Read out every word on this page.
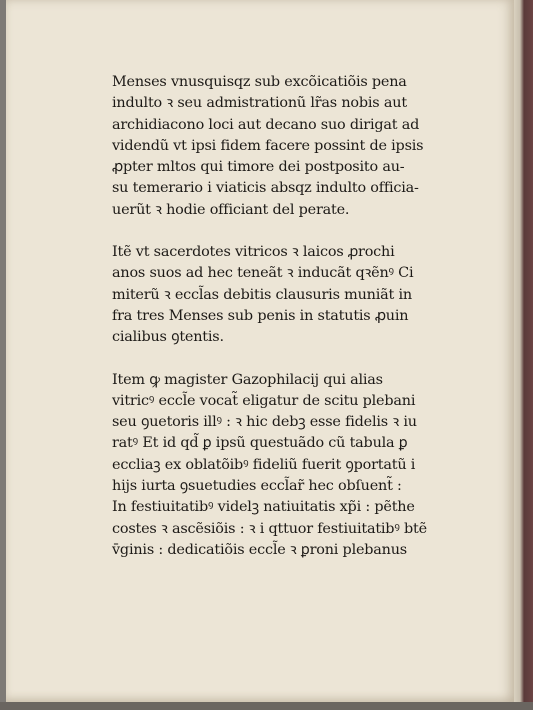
Menses vnusquisqz sub excõicatiõis pena
indulto ꝛ seu admistrationũ lr̃as nobis aut
archidiacono loci aut decano suo dirigat ad
videndũ vt ipsi fidem facere possint de ipsis
ꝓpter mltos qui timore dei postposito au-
su temerario i viaticis absqz indulto officia-
uerũt ꝛ hodie officiant del perate.

Itẽ vt sacerdotes vitricos ꝛ laicos ꝓrochi
anos suos ad hec teneãt ꝛ inducãt qꝛẽnꝰ Ci
miterũ ꝛ eccl̃as debitis clausuris muniãt in
fra tres Menses sub penis in statutis ꝓuin
cialibus ꝯtentis.

Item ꝙ magister Gazophilacij qui alias
vitricꝰ eccl̃e vocat̃ eligatur de scitu plebani
seu ꝯuetoris illꝰ : ꝛ hic debꝫ esse fidelis ꝛ iu
ratꝰ Et id qd̃ ꝑ ipsũ questuãdo cũ tabula ꝑ
eccliaꝫ ex oblatõibꝰ fideliũ fuerit ꝯportatũ i
hijs iurta ꝯsuetudies eccl̃ar̃ hec obſuent̃ :
In festiuitatibꝰ videlꝫ natiuitatis xp̃i : pẽthe
costes ꝛ ascẽsiõis : ꝛ i qttuor festiuitatibꝰ btẽ
v̄ginis : dedicatiõis eccl̃e ꝛ ꝑroni plebanus
